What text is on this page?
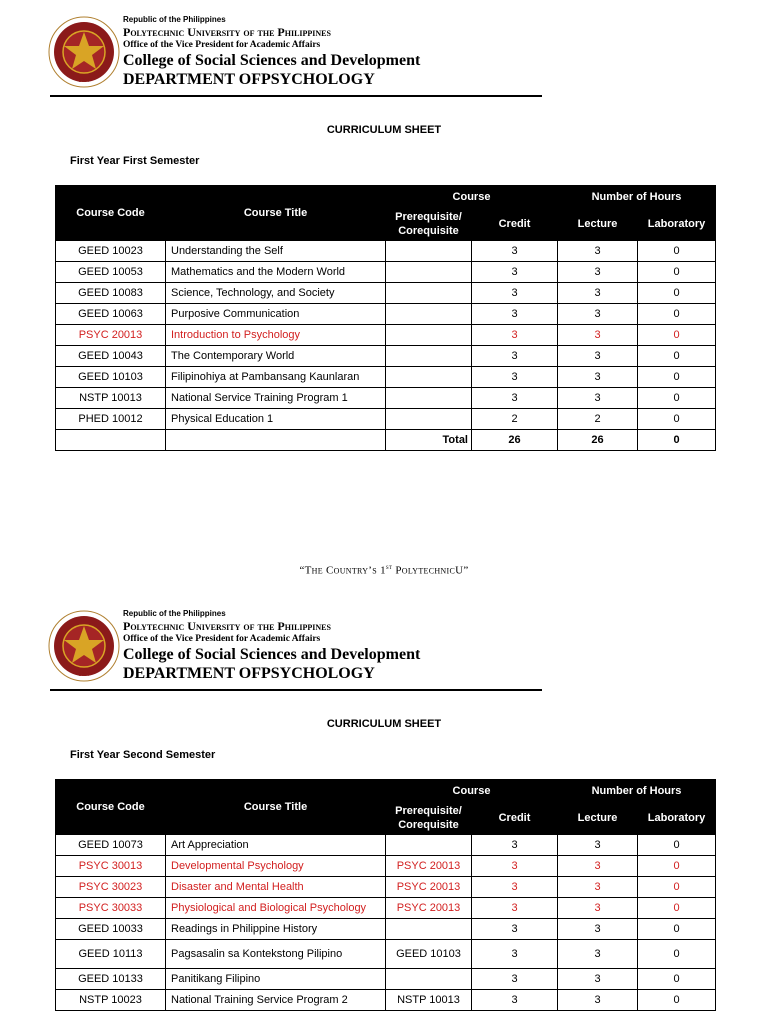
1904
Republic of the Philippines
Polytechnic University of the Philippines
Office of the Vice President for Academic Affairs
College of Social Sciences and Development
DEPARTMENT OFPSYCHOLOGY
CURRICULUM SHEET
First Year First Semester
Course Code	Course Title	Course		Number of Hours	
		Prerequisite/ Corequisite	Credit	Lecture	Laboratory
GEED 10023	Understanding the Self		3	3	0
GEED 10053	Mathematics and the Modern World		3	3	0
GEED 10083	Science, Technology, and Society		3	3	0
GEED 10063	Purposive Communication		3	3	0
PSYC 20013	Introduction to Psychology		3	3	0
GEED 10043	The Contemporary World		3	3	0
GEED 10103	Filipinohiya at Pambansang Kaunlaran		3	3	0
NSTP 10013	National Service Training Program 1		3	3	0
PHED 10012	Physical Education 1		2	2	0
		Total	26	26	0
“The Country’s 1st PolytechnicU”
1904
Republic of the Philippines
Polytechnic University of the Philippines
Office of the Vice President for Academic Affairs
College of Social Sciences and Development
DEPARTMENT OFPSYCHOLOGY
CURRICULUM SHEET
First Year Second Semester
Course Code	Course Title	Course		Number of Hours	
		Prerequisite/ Corequisite	Credit	Lecture	Laboratory
GEED 10073	Art Appreciation		3	3	0
PSYC 30013	Developmental Psychology	PSYC 20013	3	3	0
PSYC 30023	Disaster and Mental Health	PSYC 20013	3	3	0
PSYC 30033	Physiological and Biological Psychology	PSYC 20013	3	3	0
GEED 10033	Readings in Philippine History		3	3	0
GEED 10113	Pagsasalin sa Kontekstong Pilipino	GEED 10103	3	3	0
GEED 10133	Panitikang Filipino		3	3	0
NSTP 10023	National Training Service Program 2	NSTP 10013	3	3	0
